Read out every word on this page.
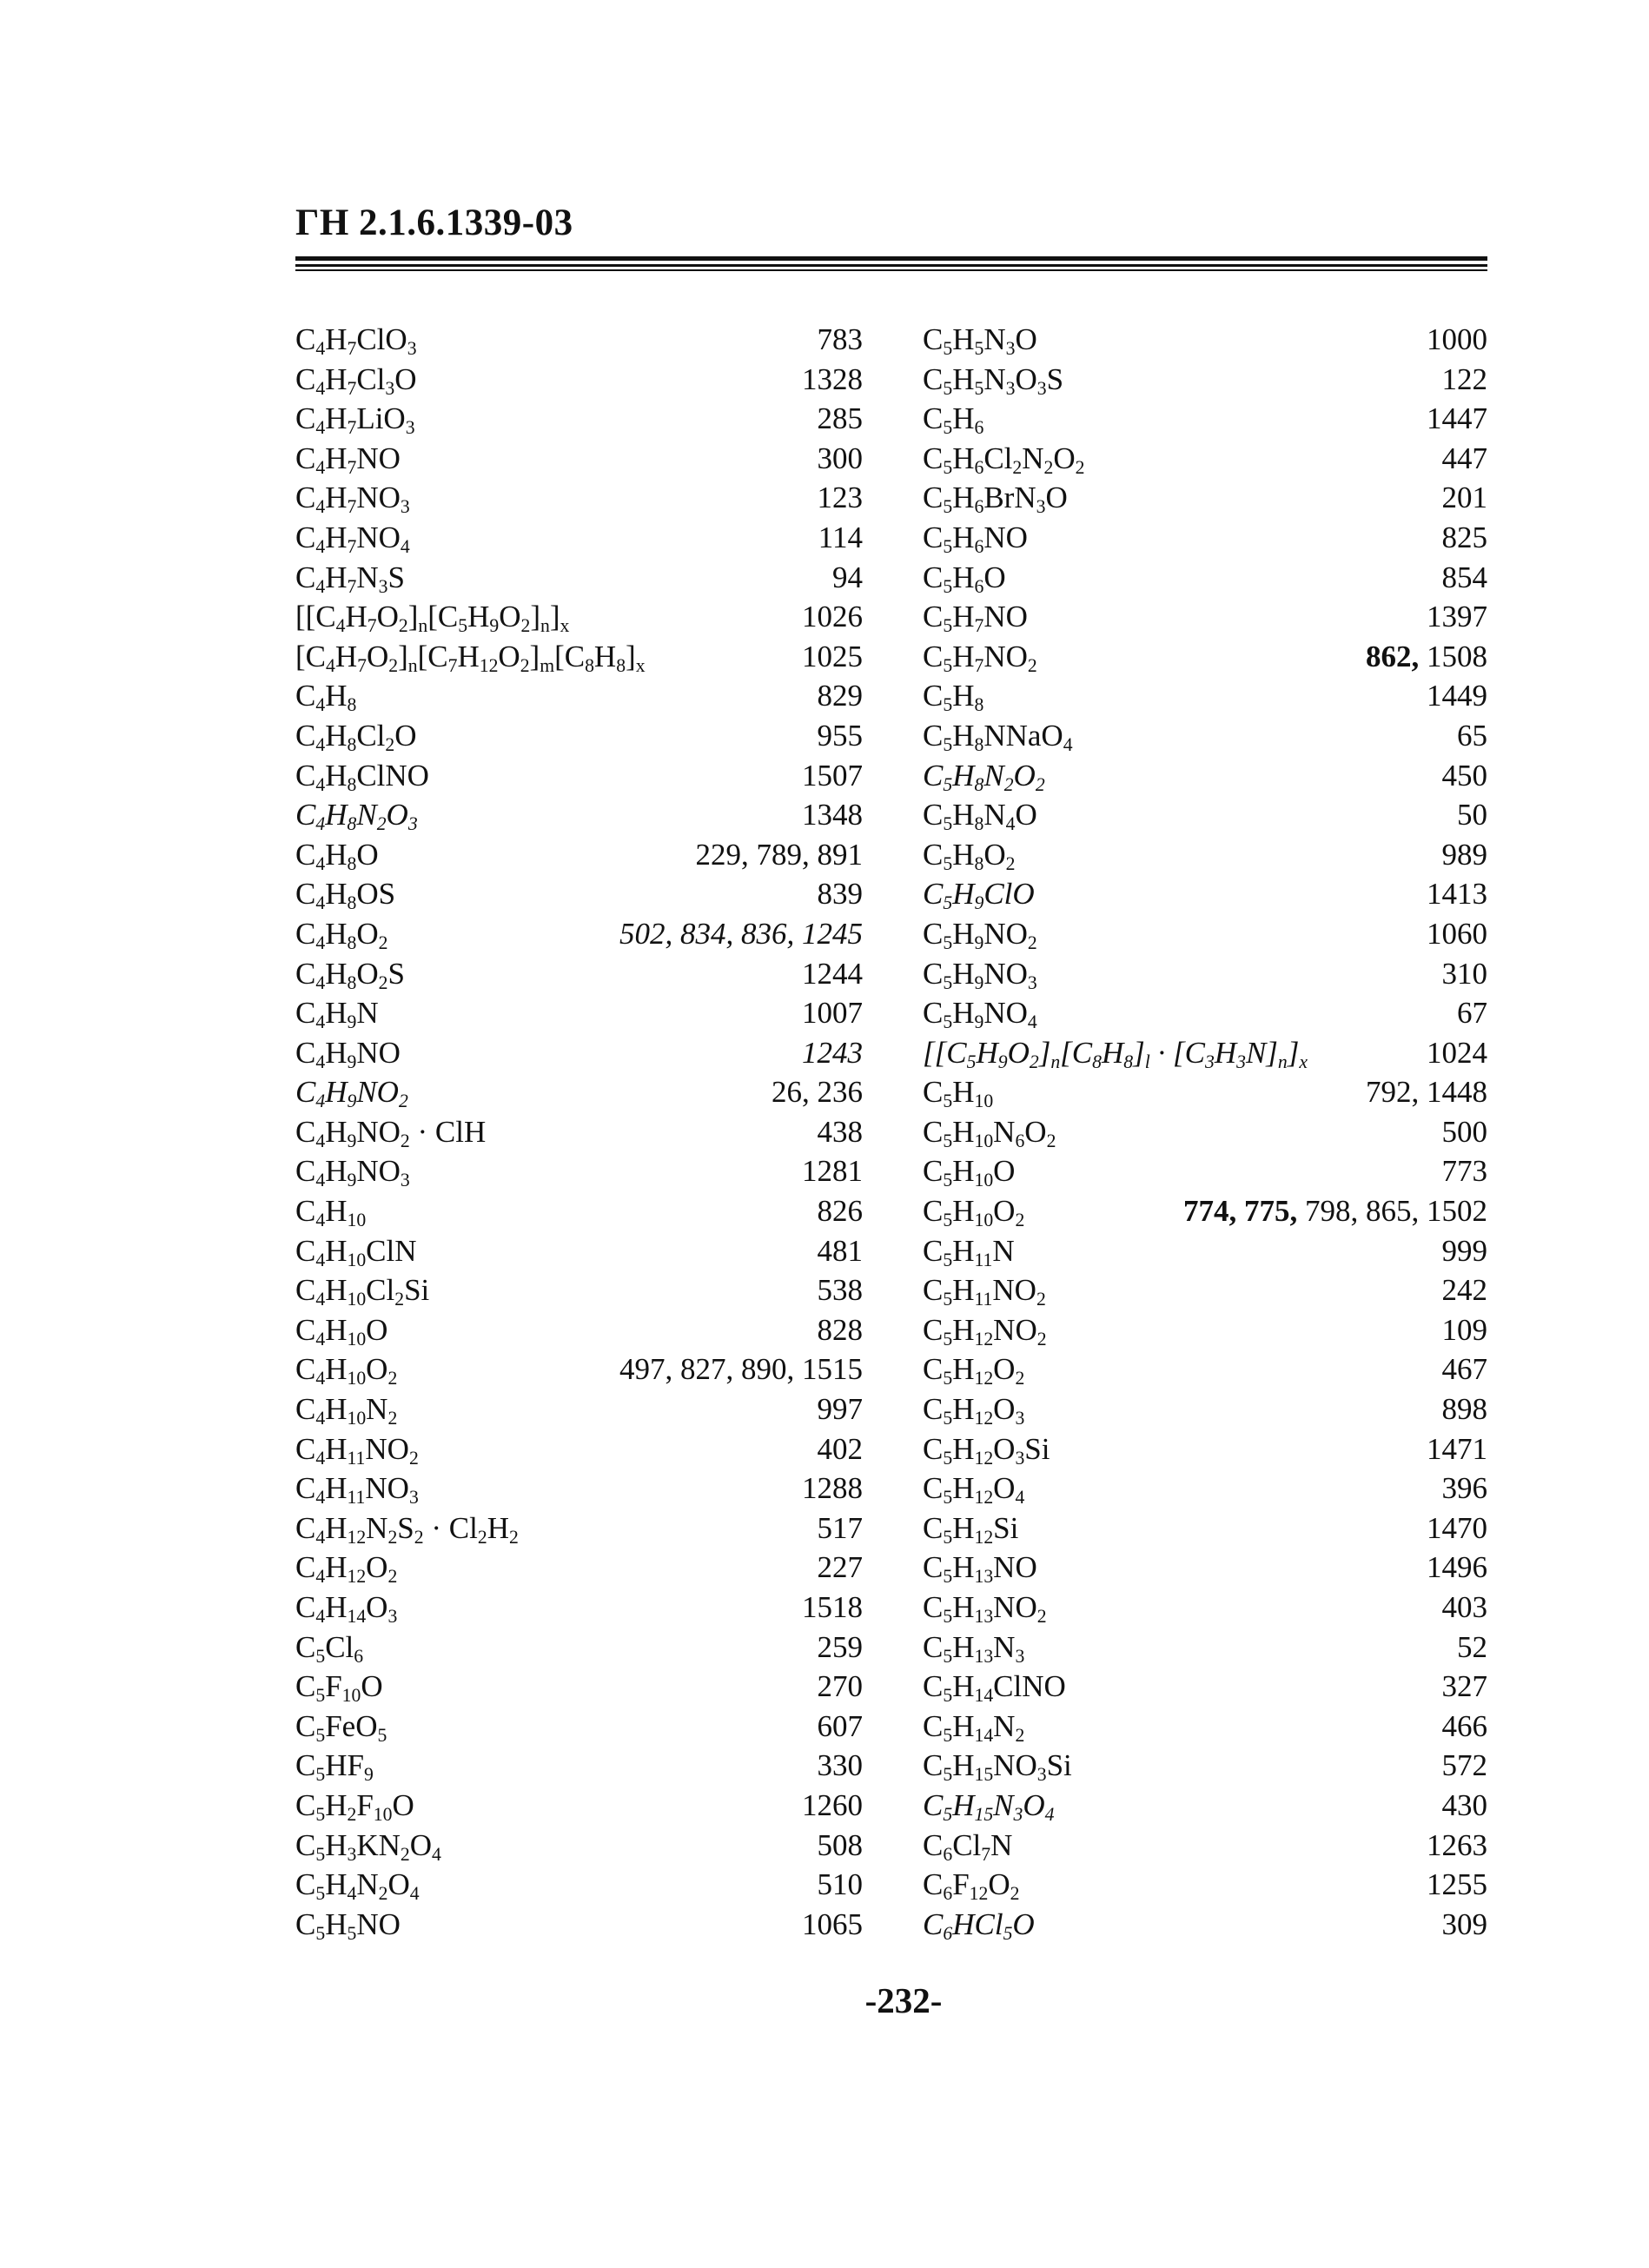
ГН 2.1.6.1339-03
$C_4H_7ClO_3$	783
$C_4H_7Cl_3O$	1328
$C_4H_7LiO_3$	285
$C_4H_7NO$	300
$C_4H_7NO_3$	123
$C_4H_7NO_4$	114
$C_4H_7N_3S$	94
$[[C_4H_7O_2]_n[C_5H_9O_2]_n]_x$	1026
$[C_4H_7O_2]_n[C_7H_{12}O_2]_m[C_8H_8]_x$	1025
$C_4H_8$	829
$C_4H_8Cl_2O$	955
$C_4H_8ClNO$	1507
$C_4H_8N_2O_3$	1348
$C_4H_8O$	229, 789, 891
$C_4H_8OS$	839
$C_4H_8O_2$	502, 834, 836, 1245
$C_4H_8O_2S$	1244
$C_4H_9N$	1007
$C_4H_9NO$	1243
$C_4H_9NO_2$	26, 236
$C_4H_9NO_2$ · ClH	438
$C_4H_9NO_3$	1281
$C_4H_{10}$	826
$C_4H_{10}ClN$	481
$C_4H_{10}Cl_2Si$	538
$C_4H_{10}O$	828
$C_4H_{10}O_2$	497, 827, 890, 1515
$C_4H_{10}N_2$	997
$C_4H_{11}NO_2$	402
$C_4H_{11}NO_3$	1288
$C_4H_{12}N_2S_2 \cdot Cl_2H_2$	517
$C_4H_{12}O_2$	227
$C_4H_{14}O_3$	1518
$C_5Cl_6$	259
$C_5F_{10}O$	270
$C_5FeO_5$	607
$C_5HF_9$	330
$C_5H_2F_{10}O$	1260
$C_5H_3KN_2O_4$	508
$C_5H_4N_2O_4$	510
$C_5H_5NO$	1065
$C_5H_5N_3O$	1000
$C_5H_5N_3O_3S$	122
$C_5H_6$	1447
$C_5H_6Cl_2N_2O_2$	447
$C_5H_6BrN_3O$	201
$C_5H_6NO$	825
$C_5H_6O$	854
$C_5H_7NO$	1397
$C_5H_7NO_2$	862, 1508
$C_5H_8$	1449
$C_5H_8NNaO_4$	65
$C_5H_8N_2O_2$	450
$C_5H_8N_4O$	50
$C_5H_8O_2$	989
$C_5H_9ClO$	1413
$C_5H_9NO_2$	1060
$C_5H_9NO_3$	310
$C_5H_9NO_4$	67
$[[C_5H_9O_2]_n[C_8H_8]_l \cdot [C_3H_3N]_n]_x$	1024
$C_5H_{10}$	792, 1448
$C_5H_{10}N_6O_2$	500
$C_5H_{10}O$	773
$C_5H_{10}O_2$	774, 775, 798, 865, 1502
$C_5H_{11}N$	999
$C_5H_{11}NO_2$	242
$C_5H_{12}NO_2$	109
$C_5H_{12}O_2$	467
$C_5H_{12}O_3$	898
$C_5H_{12}O_3Si$	1471
$C_5H_{12}O_4$	396
$C_5H_{12}Si$	1470
$C_5H_{13}NO$	1496
$C_5H_{13}NO_2$	403
$C_5H_{13}N_3$	52
$C_5H_{14}ClNO$	327
$C_5H_{14}N_2$	466
$C_5H_{15}NO_3Si$	572
$C_5H_{15}N_3O_4$	430
$C_6Cl_7N$	1263
$C_6F_{12}O_2$	1255
$C_6HCl_5O$	309
-232-
